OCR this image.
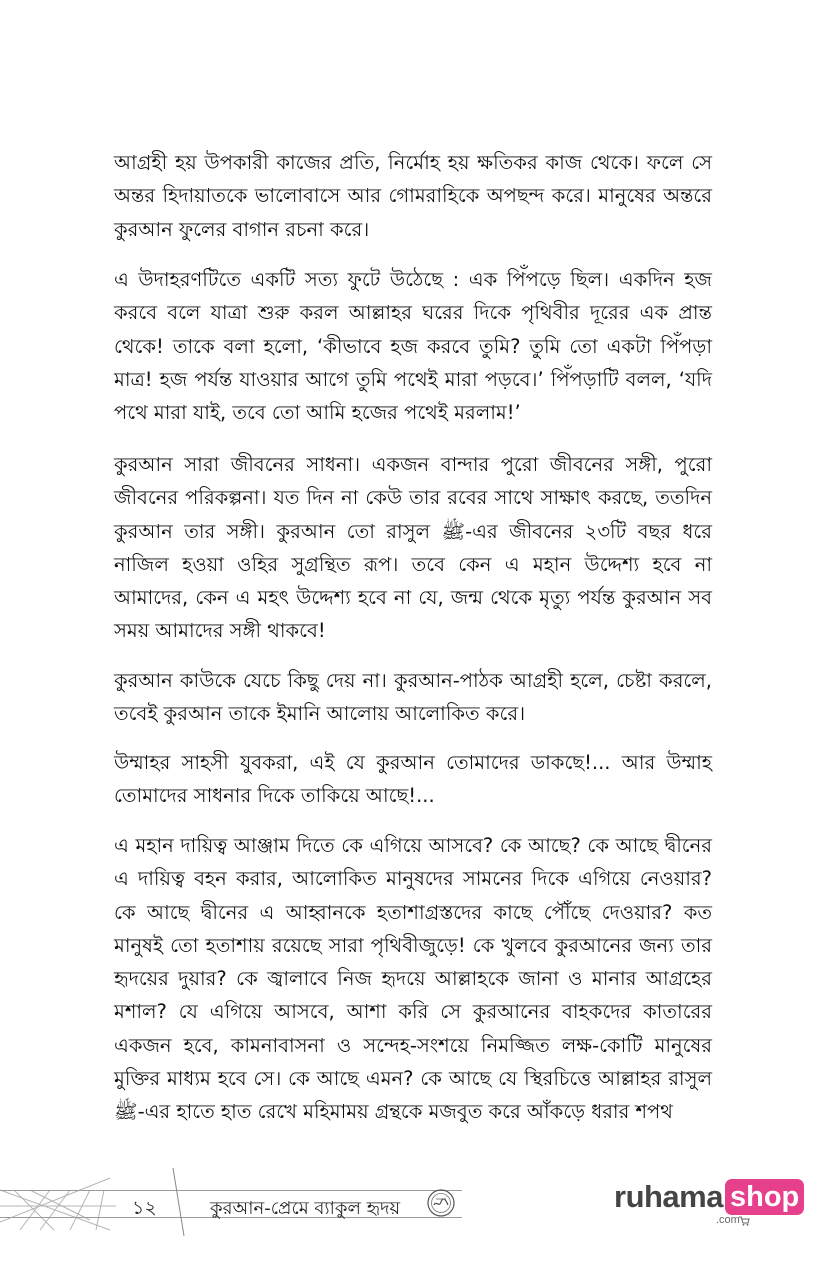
আগ্রহী হয় উপকারী কাজের প্রতি, নির্মোহ হয় ক্ষতিকর কাজ থেকে। ফলে সে অন্তর হিদায়াতকে ভালোবাসে আর গোমরাহিকে অপছন্দ করে। মানুষের অন্তরে কুরআন ফুলের বাগান রচনা করে।

এ উদাহরণটিতে একটি সত্য ফুটে উঠেছে : এক পিঁপড়ে ছিল। একদিন হজ করবে বলে যাত্রা শুরু করল আল্লাহর ঘরের দিকে পৃথিবীর দূরের এক প্রান্ত থেকে! তাকে বলা হলো, ‘কীভাবে হজ করবে তুমি? তুমি তো একটা পিঁপড়া মাত্র! হজ পর্যন্ত যাওয়ার আগে তুমি পথেই মারা পড়বে।’ পিঁপড়াটি বলল, ‘যদি পথে মারা যাই, তবে তো আমি হজের পথেই মরলাম!’

কুরআন সারা জীবনের সাধনা। একজন বান্দার পুরো জীবনের সঙ্গী, পুরো জীবনের পরিকল্পনা। যত দিন না কেউ তার রবের সাথে সাক্ষাৎ করছে, ততদিন কুরআন তার সঙ্গী। কুরআন তো রাসুল ﷺ-এর জীবনের ২৩টি বছর ধরে নাজিল হওয়া ওহির সুগ্রন্থিত রূপ। তবে কেন এ মহান উদ্দেশ্য হবে না আমাদের, কেন এ মহৎ উদ্দেশ্য হবে না যে, জন্ম থেকে মৃত্যু পর্যন্ত কুরআন সব সময় আমাদের সঙ্গী থাকবে!

কুরআন কাউকে যেচে কিছু দেয় না। কুরআন-পাঠক আগ্রহী হলে, চেষ্টা করলে, তবেই কুরআন তাকে ইমানি আলোয় আলোকিত করে।

উম্মাহর সাহসী যুবকরা, এই যে কুরআন তোমাদের ডাকছে!... আর উম্মাহ তোমাদের সাধনার দিকে তাকিয়ে আছে!...

এ মহান দায়িত্ব আঞ্জাম দিতে কে এগিয়ে আসবে? কে আছে? কে আছে দ্বীনের এ দায়িত্ব বহন করার, আলোকিত মানুষদের সামনের দিকে এগিয়ে নেওয়ার? কে আছে দ্বীনের এ আহ্বানকে হতাশাগ্রস্তদের কাছে পৌঁছে দেওয়ার? কত মানুষই তো হতাশায় রয়েছে সারা পৃথিবীজুড়ে! কে খুলবে কুরআনের জন্য তার হৃদয়ের দুয়ার? কে জ্বালাবে নিজ হৃদয়ে আল্লাহকে জানা ও মানার আগ্রহের মশাল? যে এগিয়ে আসবে, আশা করি সে কুরআনের বাহকদের কাতারের একজন হবে, কামনাবাসনা ও সন্দেহ-সংশয়ে নিমজ্জিত লক্ষ-কোটি মানুষের মুক্তির মাধ্যম হবে সে। কে আছে এমন? কে আছে যে স্থিরচিত্তে আল্লাহর রাসুল ﷺ-এর হাতে হাত রেখে মহিমাময় গ্রন্থকে মজবুত করে আঁকড়ে ধরার শপথ

১২	কুরআন-প্রেমে ব্যাকুল হৃদয়	ruhama shop
.com
